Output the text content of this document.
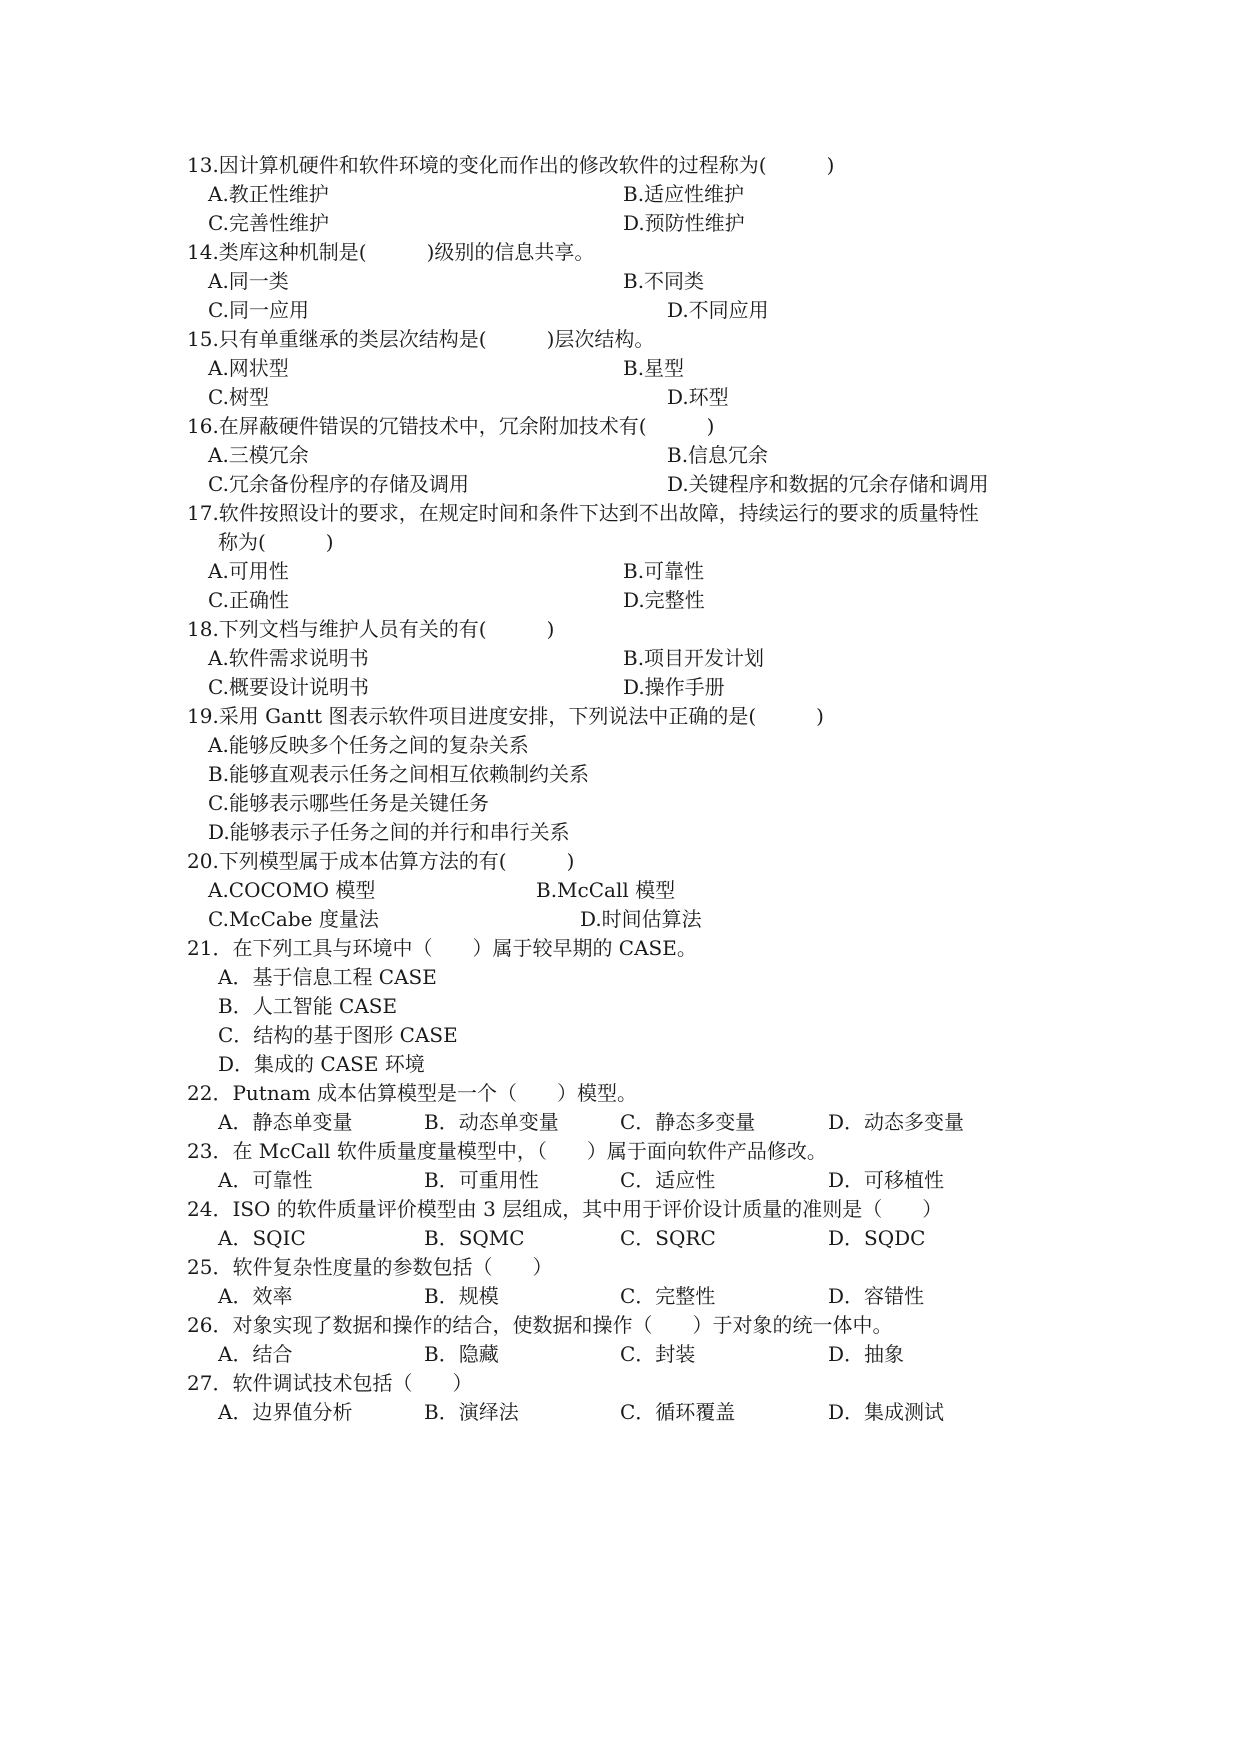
13.因计算机硬件和软件环境的变化而作出的修改软件的过程称为(　　　)
A.教正性维护	B.适应性维护
C.完善性维护	D.预防性维护
14.类库这种机制是(　　　)级别的信息共享。
A.同一类	B.不同类
C.同一应用	D.不同应用
15.只有单重继承的类层次结构是(　　　)层次结构。
A.网状型	B.星型
C.树型	D.环型
16.在屏蔽硬件错误的冗错技术中，冗余附加技术有(　　　)
A.三模冗余	B.信息冗余
C.冗余备份程序的存储及调用	D.关键程序和数据的冗余存储和调用
17.软件按照设计的要求，在规定时间和条件下达到不出故障，持续运行的要求的质量特性
称为(　　　)
A.可用性	B.可靠性
C.正确性	D.完整性
18.下列文档与维护人员有关的有(　　　)
A.软件需求说明书	B.项目开发计划
C.概要设计说明书	D.操作手册
19.采用 Gantt 图表示软件项目进度安排，下列说法中正确的是(　　　)
A.能够反映多个任务之间的复杂关系
B.能够直观表示任务之间相互依赖制约关系
C.能够表示哪些任务是关键任务
D.能够表示子任务之间的并行和串行关系
20.下列模型属于成本估算方法的有(　　　)
A.COCOMO 模型	B.McCall 模型
C.McCabe 度量法	D.时间估算法
21．在下列工具与环境中（　　）属于较早期的 CASE。
A．基于信息工程 CASE
B．人工智能 CASE
C．结构的基于图形 CASE
D．集成的 CASE 环境
22．Putnam 成本估算模型是一个（　　）模型。
A．静态单变量	B．动态单变量	C．静态多变量	D．动态多变量
23．在 McCall 软件质量度量模型中，（　　）属于面向软件产品修改。
A．可靠性	B．可重用性	C．适应性	D．可移植性
24．ISO 的软件质量评价模型由 3 层组成，其中用于评价设计质量的准则是（　　）
A．SQIC	B．SQMC	C．SQRC	D．SQDC
25．软件复杂性度量的参数包括（　　）
A．效率	B．规模	C．完整性	D．容错性
26．对象实现了数据和操作的结合，使数据和操作（　　）于对象的统一体中。
A．结合	B．隐藏	C．封装	D．抽象
27．软件调试技术包括（　　）
A．边界值分析	B．演绎法	C．循环覆盖	D．集成测试
